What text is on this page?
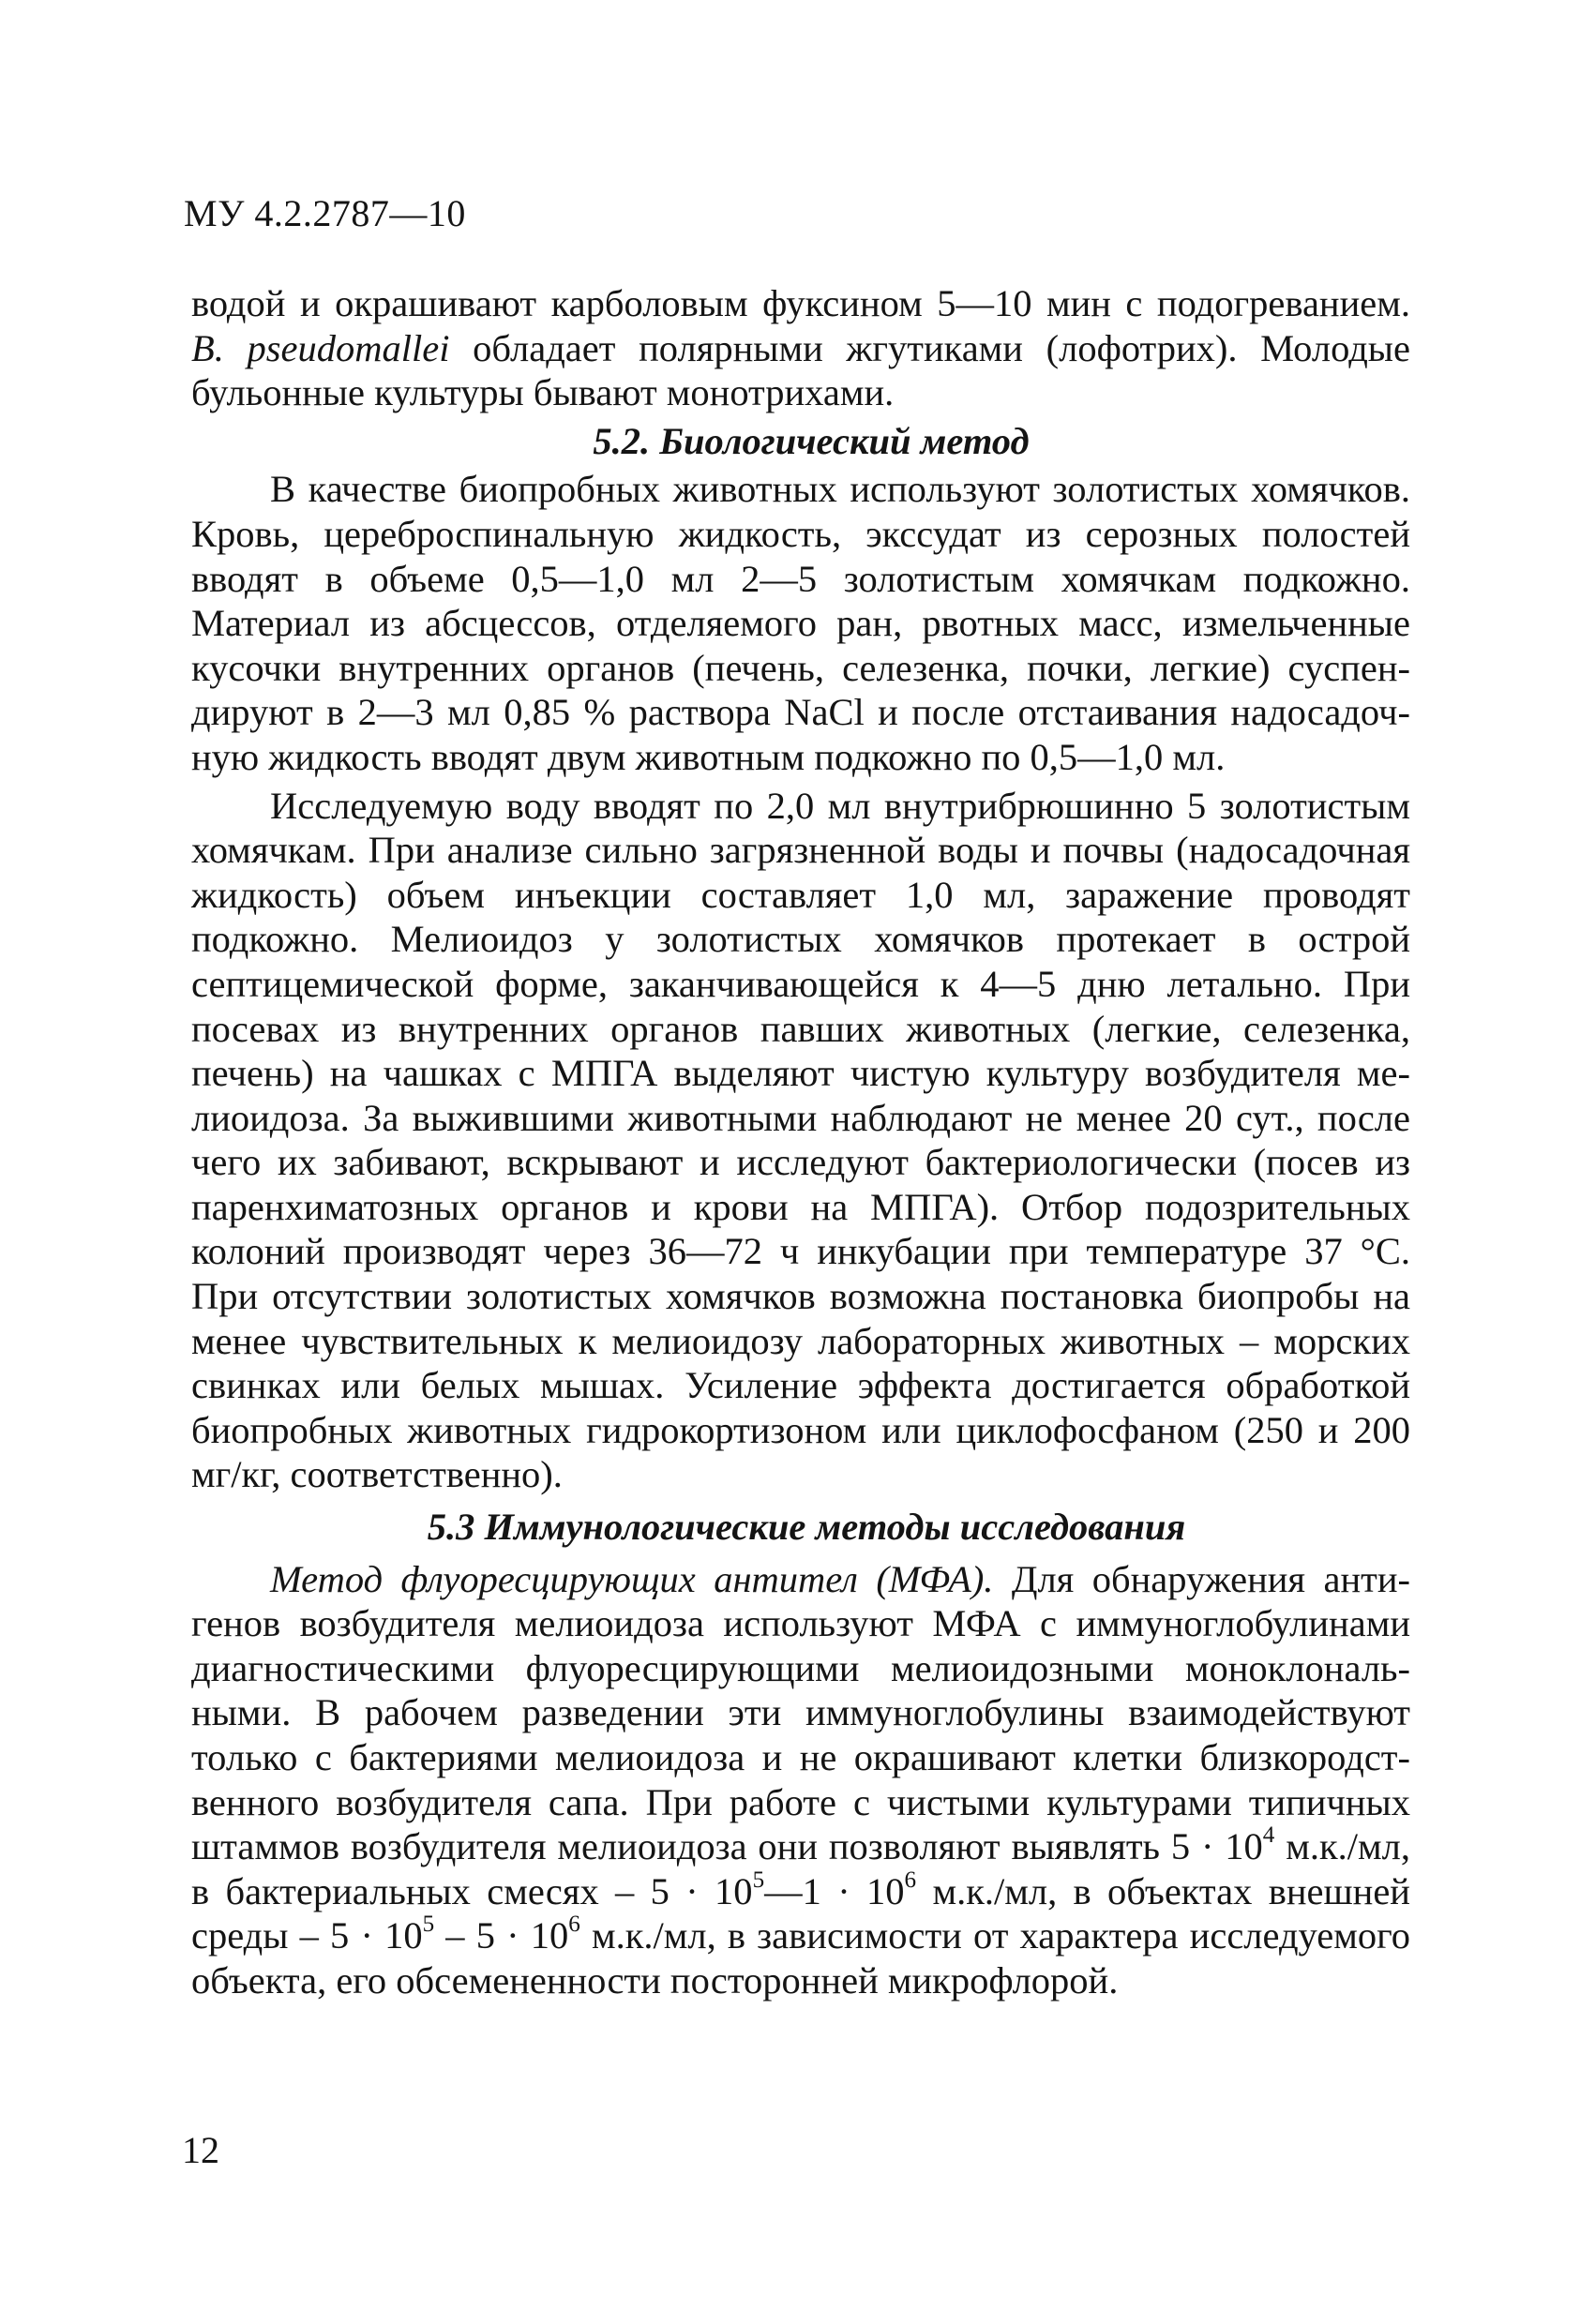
МУ 4.2.2787—10

водой и окрашивают карболовым фуксином 5—10 мин с подогреванием. B. pseudomallei обладает полярными жгутиками (лофотрих). Молодые бульонные культуры бывают монотрихами.

5.2. Биологический метод

В качестве биопробных животных используют золотистых хомячков. Кровь, цереброспинальную жидкость, экссудат из серозных полостей вводят в объеме 0,5—1,0 мл 2—5 золотистым хомячкам подкожно. Материал из абсцессов, отделяемого ран, рвотных масс, измельченные кусочки внутренних органов (печень, селезенка, почки, легкие) суспендируют в 2—3 мл 0,85 % раствора NaCl и после отстаивания надосадочную жидкость вводят двум животным подкожно по 0,5—1,0 мл.

Исследуемую воду вводят по 2,0 мл внутрибрюшинно 5 золотистым хомячкам. При анализе сильно загрязненной воды и почвы (надосадочная жидкость) объем инъекции составляет 1,0 мл, заражение проводят подкожно. Мелиоидоз у золотистых хомячков протекает в острой септицемической форме, заканчивающейся к 4—5 дню летально. При посевах из внутренних органов павших животных (легкие, селезенка, печень) на чашках с МПГА выделяют чистую культуру возбудителя мелиоидоза. За выжившими животными наблюдают не менее 20 сут., после чего их забивают, вскрывают и исследуют бактериологически (посев из паренхиматозных органов и крови на МПГА). Отбор подозрительных колоний производят через 36—72 ч инкубации при температуре 37 °С. При отсутствии золотистых хомячков возможна постановка биопробы на менее чувствительных к мелиоидозу лабораторных животных – морских свинках или белых мышах. Усиление эффекта достигается обработкой биопробных животных гидрокортизоном или циклофосфаном (250 и 200 мг/кг, соответственно).

5.3 Иммунологические методы исследования

Метод флуоресцирующих антител (МФА). Для обнаружения антигенов возбудителя мелиоидоза используют МФА с иммуноглобулинами диагностическими флуоресцирующими мелиоидозными моноклональными. В рабочем разведении эти иммуноглобулины взаимодействуют только с бактериями мелиоидоза и не окрашивают клетки близкородственного возбудителя сапа. При работе с чистыми культурами типичных штаммов возбудителя мелиоидоза они позволяют выявлять $5 \cdot 10^4$ м.к./мл, в бактериальных смесях – $5 \cdot 10^5—1 \cdot 10^6$ м.к./мл, в объектах внешней среды – $5 \cdot 10^5 - 5 \cdot 10^6$ м.к./мл, в зависимости от характера исследуемого объекта, его обсемененности посторонней микрофлорой.

12
